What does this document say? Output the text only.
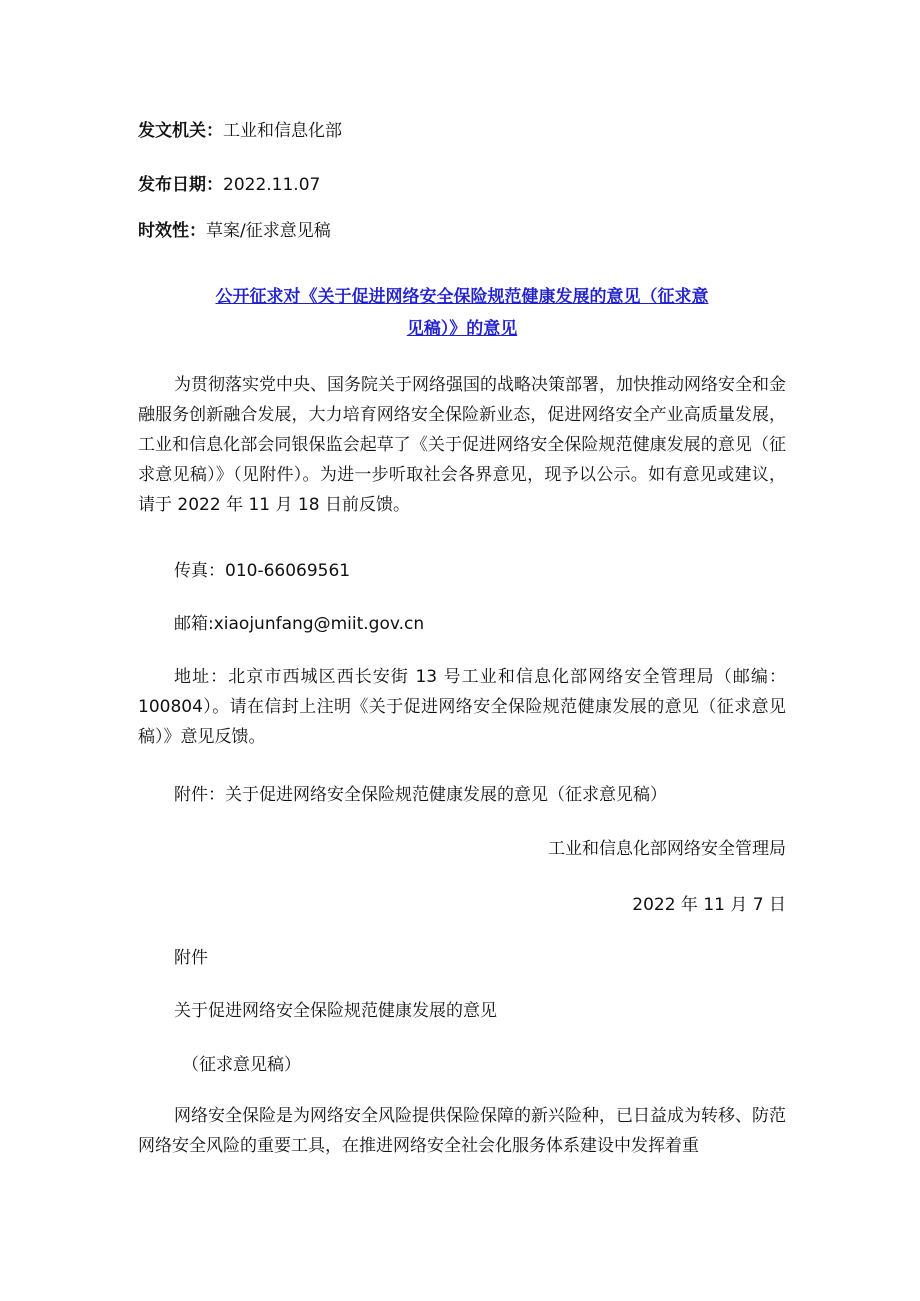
发文机关：工业和信息化部
发布日期：2022.11.07
时效性：草案/征求意见稿
公开征求对《关于促进网络安全保险规范健康发展的意见（征求意
见稿）》的意见

为贯彻落实党中央、国务院关于网络强国的战略决策部署，加快推动网络安全和金融服务创新融合发展，大力培育网络安全保险新业态，促进网络安全产业高质量发展，工业和信息化部会同银保监会起草了《关于促进网络安全保险规范健康发展的意见（征求意见稿）》（见附件）。为进一步听取社会各界意见，现予以公示。如有意见或建议，请于 2022 年 11 月 18 日前反馈。

传真：010-66069561
邮箱:xiaojunfang@miit.gov.cn

地址：北京市西城区西长安街 13 号工业和信息化部网络安全管理局（邮编：100804）。请在信封上注明《关于促进网络安全保险规范健康发展的意见（征求意见稿）》意见反馈。

附件：关于促进网络安全保险规范健康发展的意见（征求意见稿）
工业和信息化部网络安全管理局
2022 年 11 月 7 日
附件
关于促进网络安全保险规范健康发展的意见
（征求意见稿）

网络安全保险是为网络安全风险提供保险保障的新兴险种，已日益成为转移、防范网络安全风险的重要工具，在推进网络安全社会化服务体系建设中发挥着重
